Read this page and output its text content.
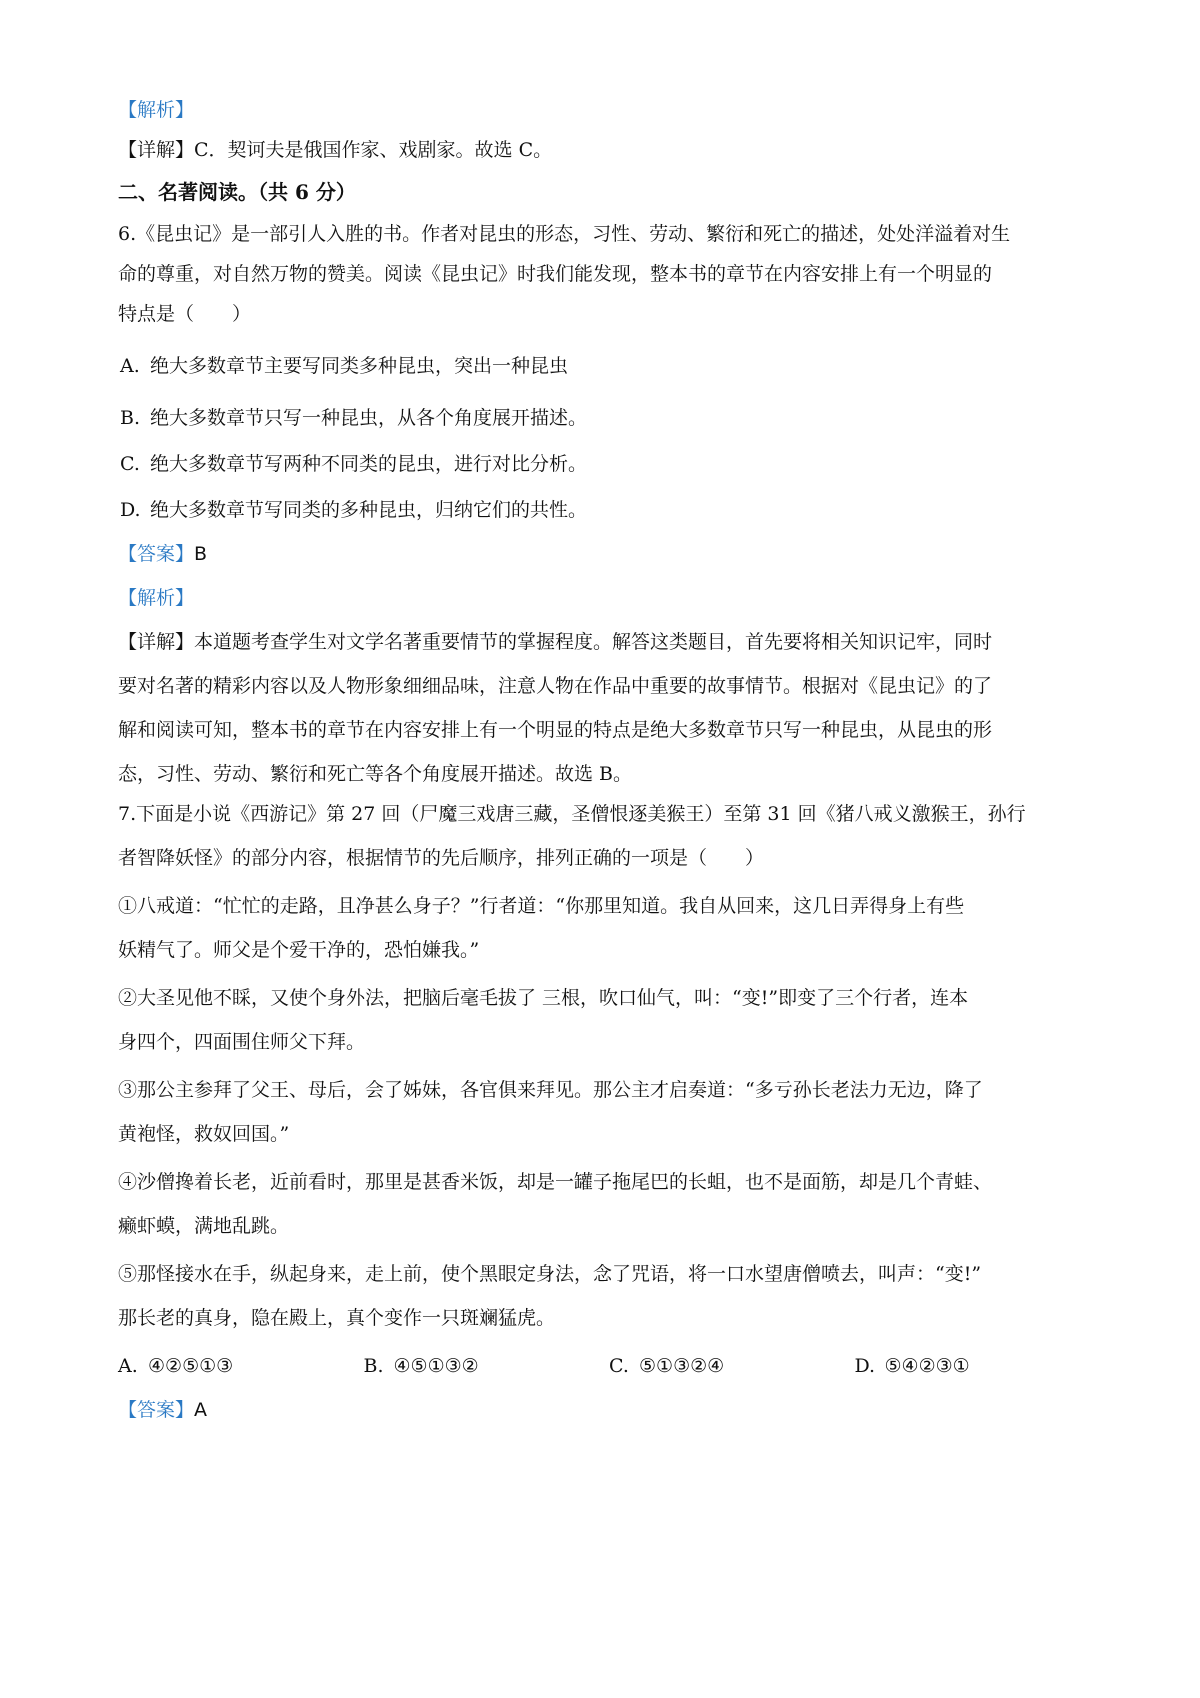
【解析】

【详解】C．契诃夫是俄国作家、戏剧家。故选 C。

二、名著阅读。（共 6 分）

6.《昆虫记》是一部引人入胜的书。作者对昆虫的形态，习性、劳动、繁衍和死亡的描述，处处洋溢着对生

命的尊重，对自然万物的赞美。阅读《昆虫记》时我们能发现，整本书的章节在内容安排上有一个明显的

特点是（　　）

A. 绝大多数章节主要写同类多种昆虫，突出一种昆虫

B. 绝大多数章节只写一种昆虫，从各个角度展开描述。

C. 绝大多数章节写两种不同类的昆虫，进行对比分析。

D. 绝大多数章节写同类的多种昆虫，归纳它们的共性。

【答案】B

【解析】

【详解】本道题考查学生对文学名著重要情节的掌握程度。解答这类题目，首先要将相关知识记牢，同时

要对名著的精彩内容以及人物形象细细品味，注意人物在作品中重要的故事情节。根据对《昆虫记》的了

解和阅读可知，整本书的章节在内容安排上有一个明显的特点是绝大多数章节只写一种昆虫，从昆虫的形

态，习性、劳动、繁衍和死亡等各个角度展开描述。故选 B。

7.下面是小说《西游记》第 27 回（尸魔三戏唐三藏，圣僧恨逐美猴王）至第 31 回《猪八戒义激猴王，孙行

者智降妖怪》的部分内容，根据情节的先后顺序，排列正确的一项是（　　）

①八戒道：“忙忙的走路，且净甚么身子？”行者道：“你那里知道。我自从回来，这几日弄得身上有些

妖精气了。师父是个爱干净的，恐怕嫌我。”

②大圣见他不睬，又使个身外法，把脑后毫毛拔了 三根，吹口仙气，叫：“变!”即变了三个行者，连本

身四个，四面围住师父下拜。

③那公主参拜了父王、母后，会了姊妹，各官俱来拜见。那公主才启奏道：“多亏孙长老法力无边，降了

黄袍怪，救奴回国。”

④沙僧搀着长老，近前看时，那里是甚香米饭，却是一罐子拖尾巴的长蛆，也不是面筋，却是几个青蛙、

癞虾蟆，满地乱跳。

⑤那怪接水在手，纵起身来，走上前，使个黑眼定身法，念了咒语，将一口水望唐僧喷去，叫声：“变!”

那长老的真身，隐在殿上，真个变作一只斑斓猛虎。

A. ④②⑤①③	B. ④⑤①③②	C. ⑤①③②④	D. ⑤④②③①

【答案】A
